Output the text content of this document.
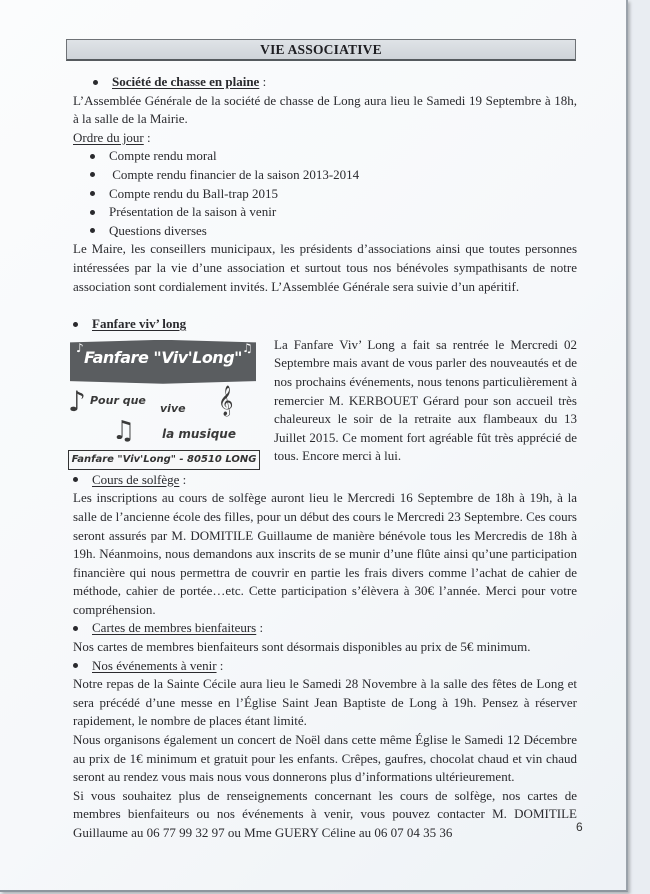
VIE ASSOCIATIVE
Société de chasse en plaine :

L’Assemblée Générale de la société de chasse de Long aura lieu le Samedi 19 Septembre à 18h, à la salle de la Mairie.

Ordre du jour :
Compte rendu moral
Compte rendu financier de la saison 2013-2014
Compte rendu du Ball-trap 2015
Présentation de la saison à venir
Questions diverses

Le Maire, les conseillers municipaux, les présidents d’associations ainsi que toutes personnes intéressées par la vie d’une association et surtout tous nos bénévoles sympathisants de notre association sont cordialement invités. L’Assemblée Générale sera suivie d’un apéritif.

Fanfare viv’ long
♪	♫
Fanfare "Viv'Long"
♪
♫
𝄞
Pour que
vive
la musique
Fanfare "Viv'Long" - 80510 LONG

La Fanfare Viv’ Long a fait sa rentrée le Mercredi 02 Septembre mais avant de vous parler des nouveautés et de nos prochains événements, nous tenons particulièrement à remercier M. KERBOUET Gérard pour son accueil très chaleureux le soir de la retraite aux flambeaux du 13 Juillet 2015. Ce moment fort agréable fût très apprécié de tous. Encore merci à lui.

Cours de solfège :

Les inscriptions au cours de solfège auront lieu le Mercredi 16 Septembre de 18h à 19h, à la salle de l’ancienne école des filles, pour un début des cours le Mercredi 23 Septembre. Ces cours seront assurés par M. DOMITILE Guillaume de manière bénévole tous les Mercredis de 18h à 19h. Néanmoins, nous demandons aux inscrits de se munir d’une flûte ainsi qu’une participation financière qui nous permettra de couvrir en partie les frais divers comme l’achat de cahier de méthode, cahier de portée…etc. Cette participation s’élèvera à 30€ l’année. Merci pour votre compréhension.

Cartes de membres bienfaiteurs :

Nos cartes de membres bienfaiteurs sont désormais disponibles au prix de 5€ minimum.

Nos événements à venir :

Notre repas de la Sainte Cécile aura lieu le Samedi 28 Novembre à la salle des fêtes de Long et sera précédé d’une messe en l’Église Saint Jean Baptiste de Long à 19h. Pensez à réserver rapidement, le nombre de places étant limité.

Nous organisons également un concert de Noël dans cette même Église le Samedi 12 Décembre au prix de 1€ minimum et gratuit pour les enfants. Crêpes, gaufres, chocolat chaud et vin chaud seront au rendez vous mais nous vous donnerons plus d’informations ultérieurement.

Si vous souhaitez plus de renseignements concernant les cours de solfège, nos cartes de membres bienfaiteurs ou nos événements à venir, vous pouvez contacter M. DOMITILE Guillaume au 06 77 99 32 97 ou Mme GUERY Céline au 06 07 04 35 36	6
